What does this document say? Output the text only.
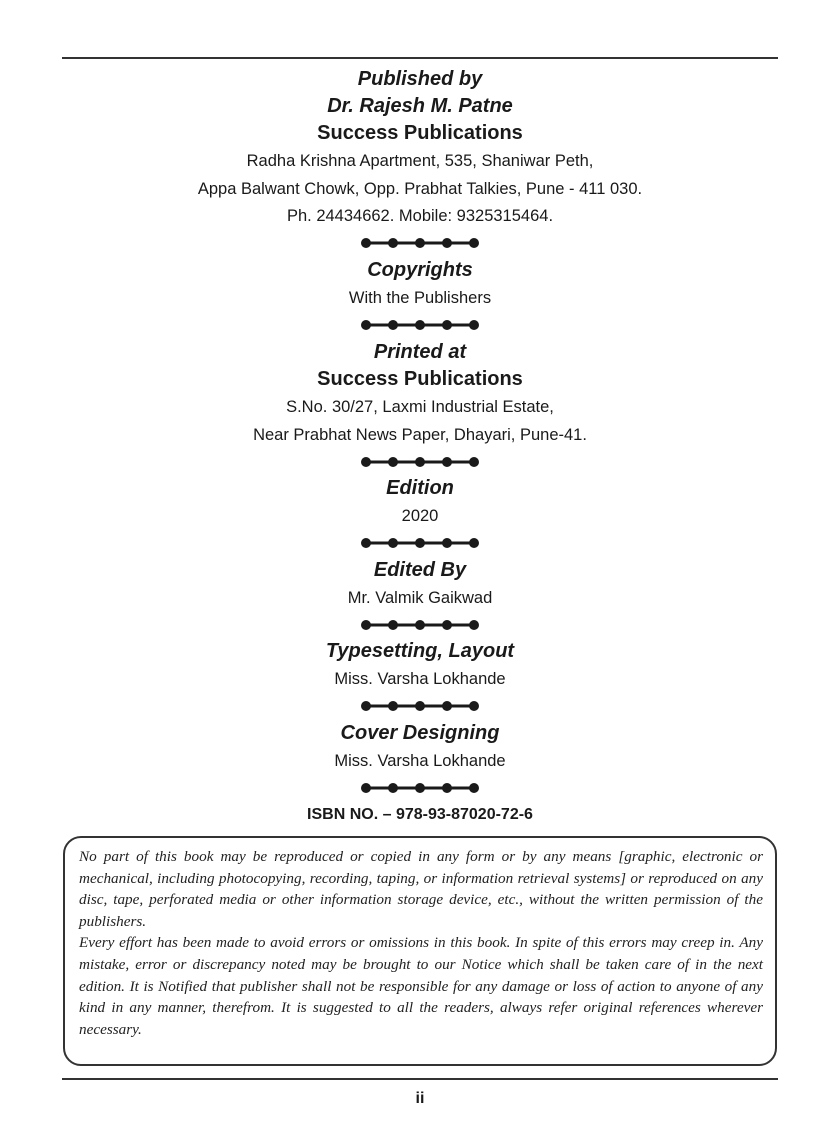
Published by
Dr. Rajesh M. Patne
Success Publications
Radha Krishna Apartment, 535, Shaniwar Peth,
Appa Balwant Chowk, Opp. Prabhat Talkies, Pune - 411 030.
Ph. 24434662. Mobile: 9325315464.
Copyrights
With the Publishers
Printed at
Success Publications
S.No. 30/27, Laxmi Industrial Estate,
Near Prabhat News Paper, Dhayari, Pune-41.
Edition
2020
Edited By
Mr. Valmik Gaikwad
Typesetting, Layout
Miss. Varsha Lokhande
Cover Designing
Miss. Varsha Lokhande
ISBN NO. – 978-93-87020-72-6

No part of this book may be reproduced or copied in any form or by any means [graphic, electronic or mechanical, including photocopying, recording, taping, or information retrieval systems] or reproduced on any disc, tape, perforated media or other information storage device, etc., without the written permission of the publishers.

Every effort has been made to avoid errors or omissions in this book. In spite of this errors may creep in. Any mistake, error or discrepancy noted may be brought to our Notice which shall be taken care of in the next edition. It is Notified that publisher shall not be responsible for any damage or loss of action to anyone of any kind in any manner, therefrom. It is suggested to all the readers, always refer original references wherever necessary.

ii
